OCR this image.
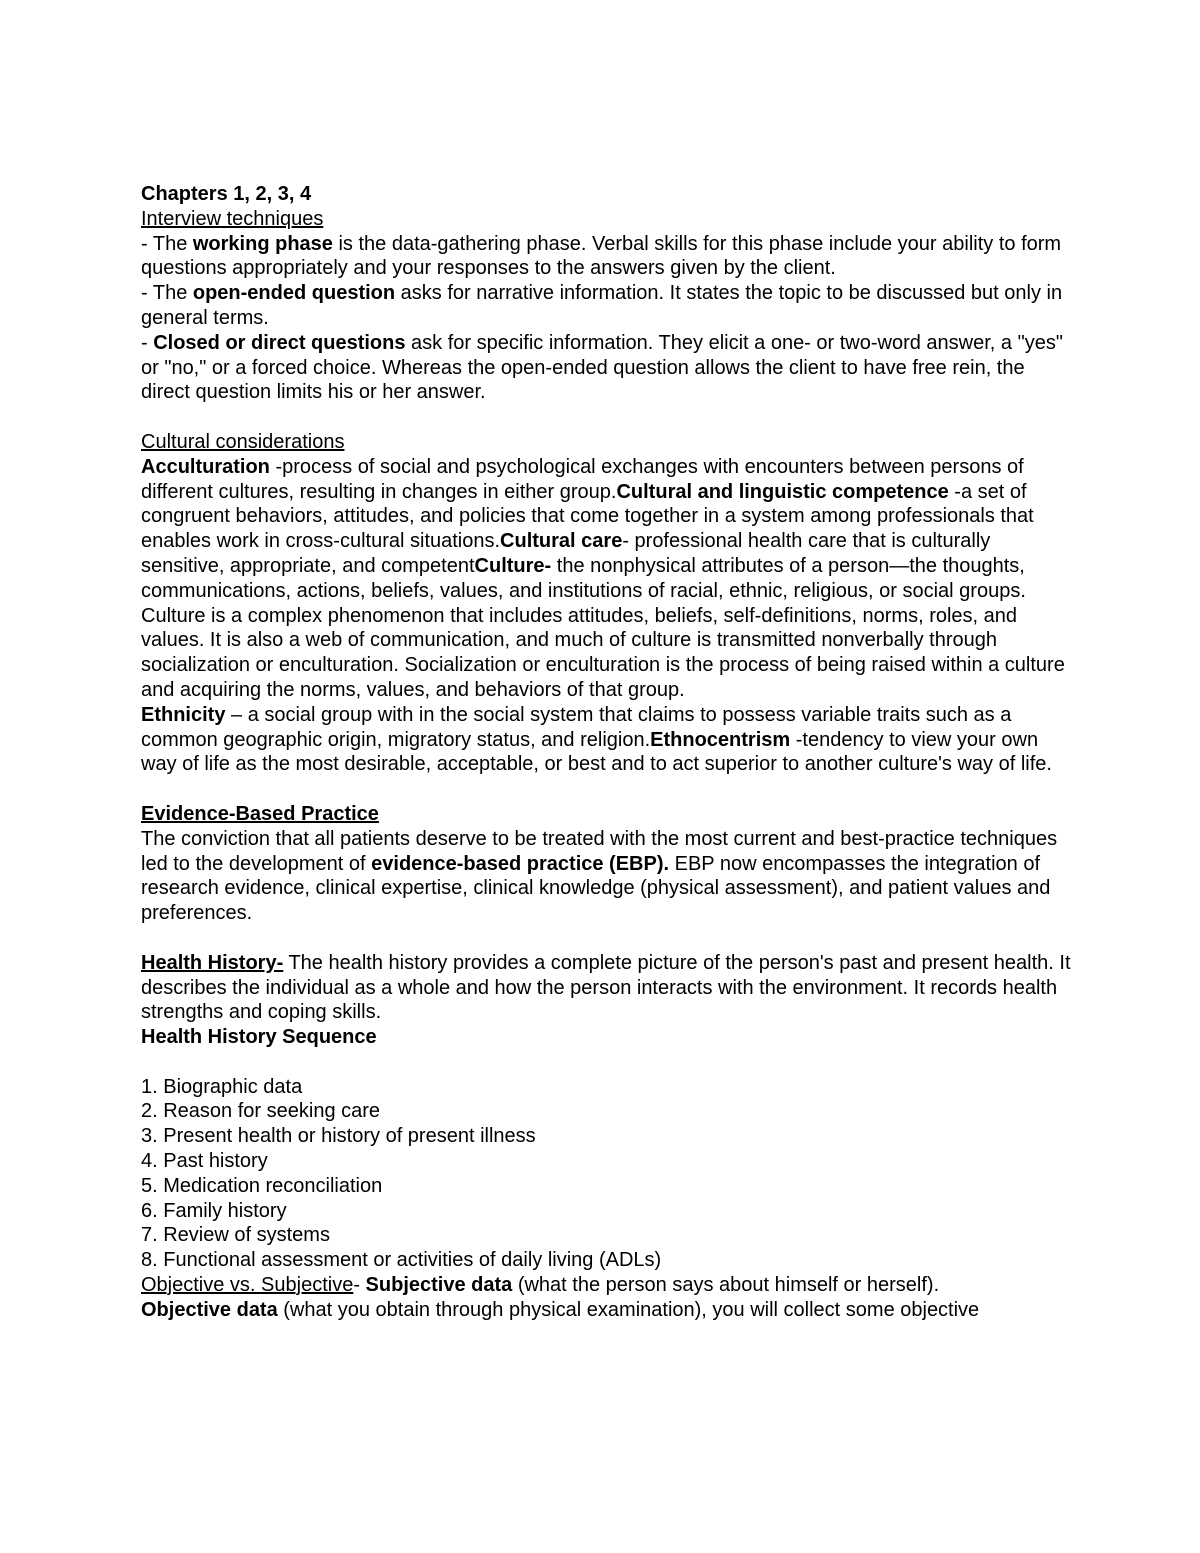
Chapters 1, 2, 3, 4

Interview techniques

- The working phase is the data-gathering phase. Verbal skills for this phase include your ability to form questions appropriately and your responses to the answers given by the client.

- The open-ended question asks for narrative information. It states the topic to be discussed but only in general terms.

- Closed or direct questions ask for specific information. They elicit a one- or two-word answer, a "yes" or "no," or a forced choice. Whereas the open-ended question allows the client to have free rein, the direct question limits his or her answer.

Cultural considerations

Acculturation -process of social and psychological exchanges with encounters between persons of different cultures, resulting in changes in either group.Cultural and linguistic competence -a set of congruent behaviors, attitudes, and policies that come together in a system among professionals that enables work in cross-cultural situations.Cultural care- professional health care that is culturally sensitive, appropriate, and competentCulture- the nonphysical attributes of a person—the thoughts, communications, actions, beliefs, values, and institutions of racial, ethnic, religious, or social groups. Culture is a complex phenomenon that includes attitudes, beliefs, self-definitions, norms, roles, and values. It is also a web of communication, and much of culture is transmitted nonverbally through socialization or enculturation. Socialization or enculturation is the process of being raised within a culture and acquiring the norms, values, and behaviors of that group.

Ethnicity – a social group with in the social system that claims to possess variable traits such as a common geographic origin, migratory status, and religion.Ethnocentrism -tendency to view your own way of life as the most desirable, acceptable, or best and to act superior to another culture's way of life.

Evidence-Based Practice

The conviction that all patients deserve to be treated with the most current and best-practice techniques led to the development of evidence-based practice (EBP). EBP now encompasses the integration of research evidence, clinical expertise, clinical knowledge (physical assessment), and patient values and preferences.

Health History- The health history provides a complete picture of the person's past and present health. It describes the individual as a whole and how the person interacts with the environment. It records health strengths and coping skills.

Health History Sequence

1. Biographic data

2. Reason for seeking care

3. Present health or history of present illness

4. Past history

5. Medication reconciliation

6. Family history

7. Review of systems

8. Functional assessment or activities of daily living (ADLs)

Objective vs. Subjective- Subjective data (what the person says about himself or herself).

Objective data (what you obtain through physical examination), you will collect some objective
